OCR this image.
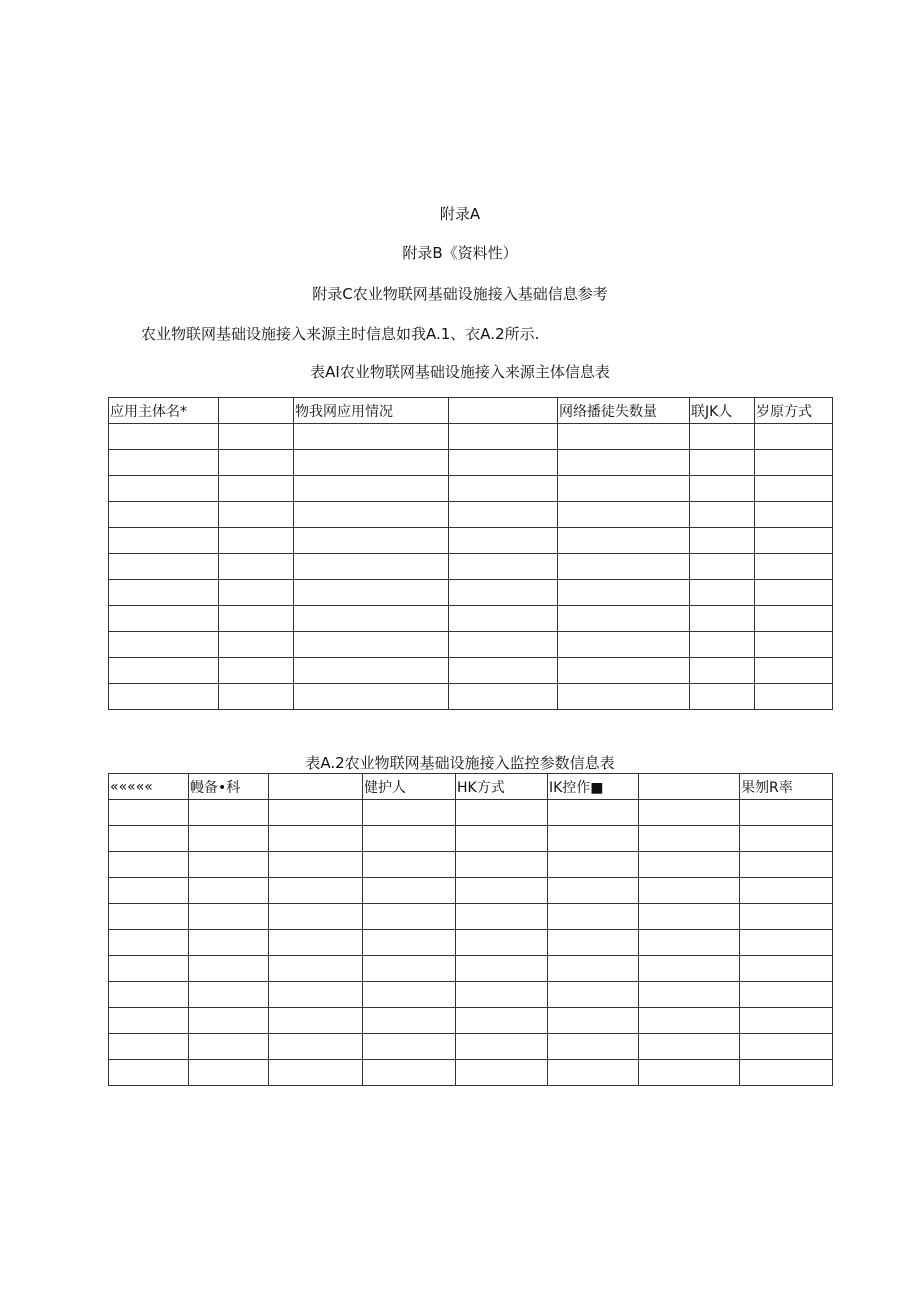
附录A
附录B《资料性）
附录C农业物联网基础设施接入基础信息参考
农业物联网基础设施接入来源主时信息如我A.1、衣A.2所示.
表AI农业物联网基础设施接入来源主体信息表
应用主体名*		物我网应用情况		网络播徒失数量	联JK人	岁原方式

表A.2农业物联网基础设施接入监控参数信息表
«««««	幔备•科		健护人	HK方式	IK控作■		果刎R率
